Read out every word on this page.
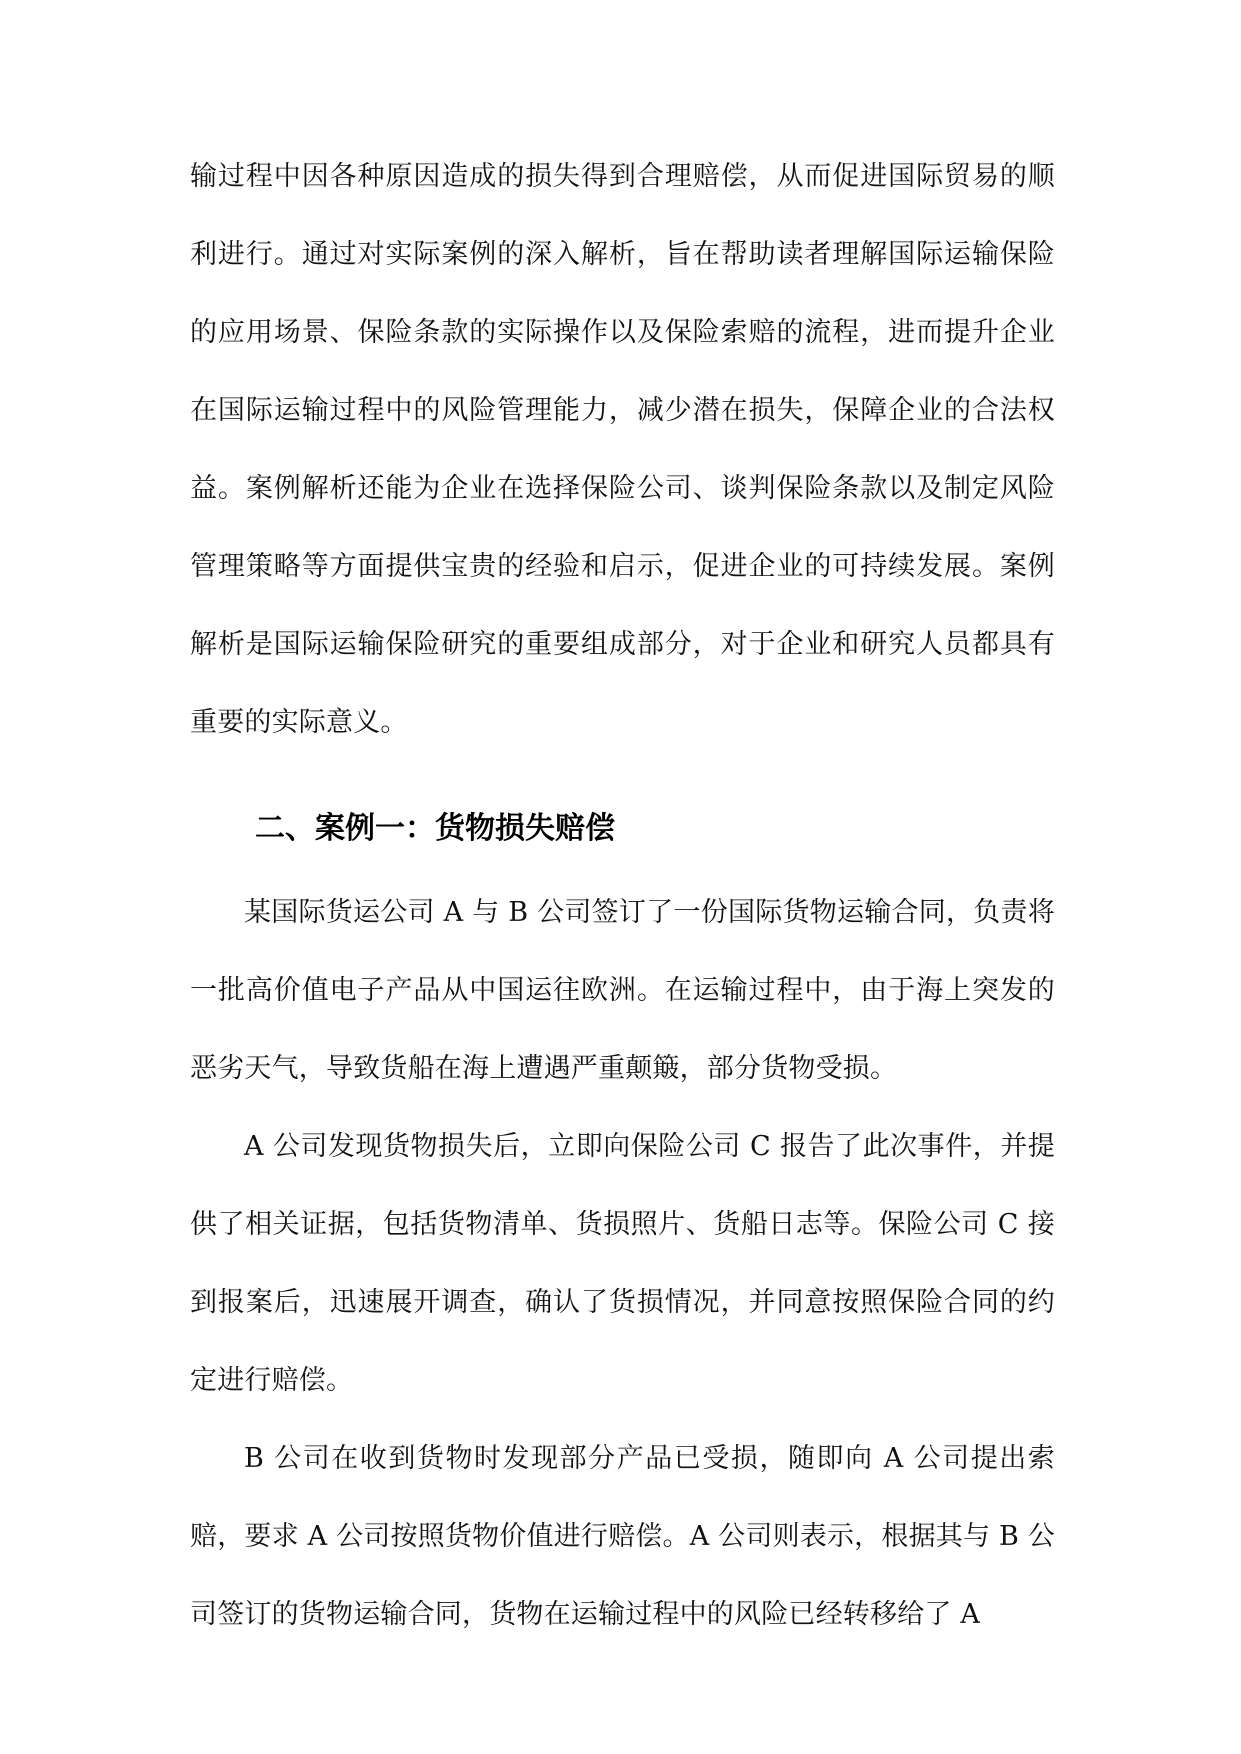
输过程中因各种原因造成的损失得到合理赔偿，从而促进国际贸易的顺利进行。通过对实际案例的深入解析，旨在帮助读者理解国际运输保险的应用场景、保险条款的实际操作以及保险索赔的流程，进而提升企业在国际运输过程中的风险管理能力，减少潜在损失，保障企业的合法权益。案例解析还能为企业在选择保险公司、谈判保险条款以及制定风险管理策略等方面提供宝贵的经验和启示，促进企业的可持续发展。案例解析是国际运输保险研究的重要组成部分，对于企业和研究人员都具有重要的实际意义。

二、案例一：货物损失赔偿

某国际货运公司 A 与 B 公司签订了一份国际货物运输合同，负责将一批高价值电子产品从中国运往欧洲。在运输过程中，由于海上突发的恶劣天气，导致货船在海上遭遇严重颠簸，部分货物受损。

A 公司发现货物损失后，立即向保险公司 C 报告了此次事件，并提供了相关证据，包括货物清单、货损照片、货船日志等。保险公司 C 接到报案后，迅速展开调查，确认了货损情况，并同意按照保险合同的约定进行赔偿。

B 公司在收到货物时发现部分产品已受损，随即向 A 公司提出索赔，要求 A 公司按照货物价值进行赔偿。A 公司则表示，根据其与 B 公司签订的货物运输合同，货物在运输过程中的风险已经转移给了 A
